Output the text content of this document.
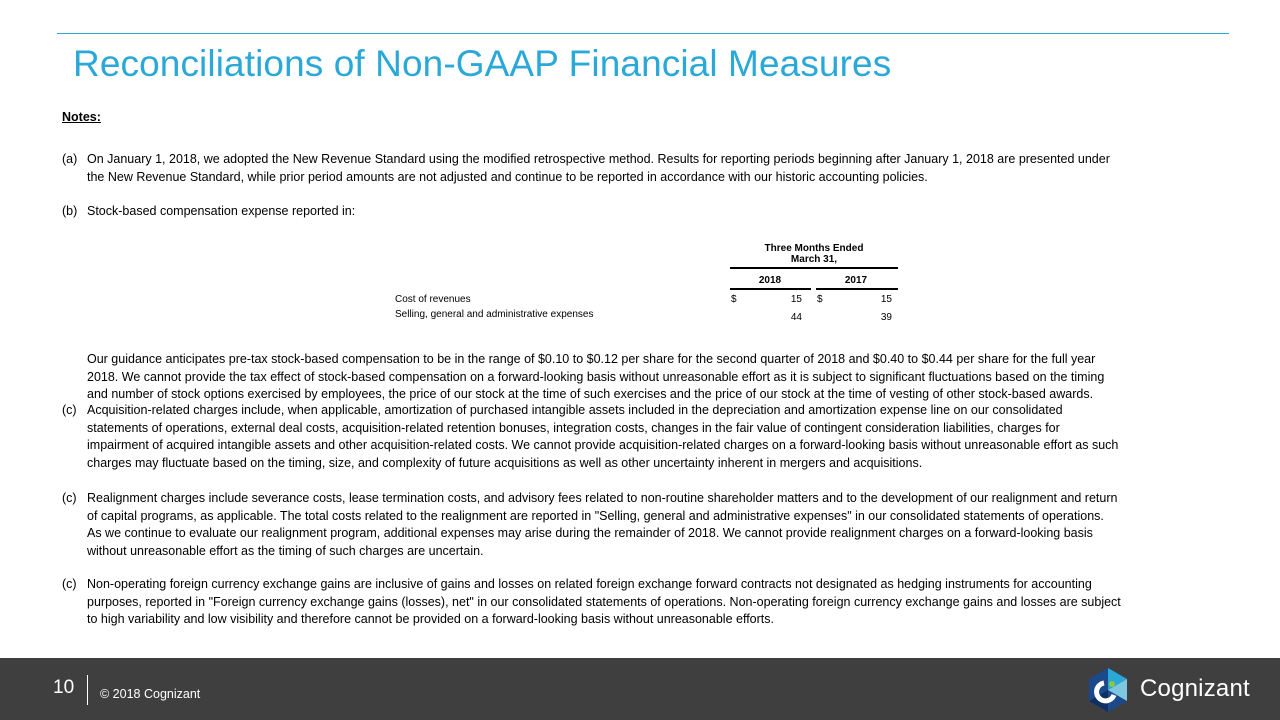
Reconciliations of Non-GAAP Financial Measures
Notes:
(a) On January 1, 2018, we adopted the New Revenue Standard using the modified retrospective method. Results for reporting periods beginning after January 1, 2018 are presented under
the New Revenue Standard, while prior period amounts are not adjusted and continue to be reported in accordance with our historic accounting policies.
(b) Stock-based compensation expense reported in:
Three Months Ended
March 31,
2018	2017
Cost of revenues	$	15 $	15
Selling, general and administrative expenses	44	39
Our guidance anticipates pre-tax stock-based compensation to be in the range of $0.10 to $0.12 per share for the second quarter of 2018 and $0.40 to $0.44 per share for the full year
2018. We cannot provide the tax effect of stock-based compensation on a forward-looking basis without unreasonable effort as it is subject to significant fluctuations based on the timing
and number of stock options exercised by employees, the price of our stock at the time of such exercises and the price of our stock at the time of vesting of other stock-based awards.
(c) Acquisition-related charges include, when applicable, amortization of purchased intangible assets included in the depreciation and amortization expense line on our consolidated
statements of operations, external deal costs, acquisition-related retention bonuses, integration costs, changes in the fair value of contingent consideration liabilities, charges for
impairment of acquired intangible assets and other acquisition-related costs. We cannot provide acquisition-related charges on a forward-looking basis without unreasonable effort as such
charges may fluctuate based on the timing, size, and complexity of future acquisitions as well as other uncertainty inherent in mergers and acquisitions.
(c) Realignment charges include severance costs, lease termination costs, and advisory fees related to non-routine shareholder matters and to the development of our realignment and return
of capital programs, as applicable. The total costs related to the realignment are reported in "Selling, general and administrative expenses" in our consolidated statements of operations.
As we continue to evaluate our realignment program, additional expenses may arise during the remainder of 2018. We cannot provide realignment charges on a forward-looking basis
without unreasonable effort as the timing of such charges are uncertain.
(c) Non-operating foreign currency exchange gains are inclusive of gains and losses on related foreign exchange forward contracts not designated as hedging instruments for accounting
purposes, reported in "Foreign currency exchange gains (losses), net" in our consolidated statements of operations. Non-operating foreign currency exchange gains and losses are subject
to high variability and low visibility and therefore cannot be provided on a forward-looking basis without unreasonable efforts.
10 © 2018 Cognizant	Cognizant
